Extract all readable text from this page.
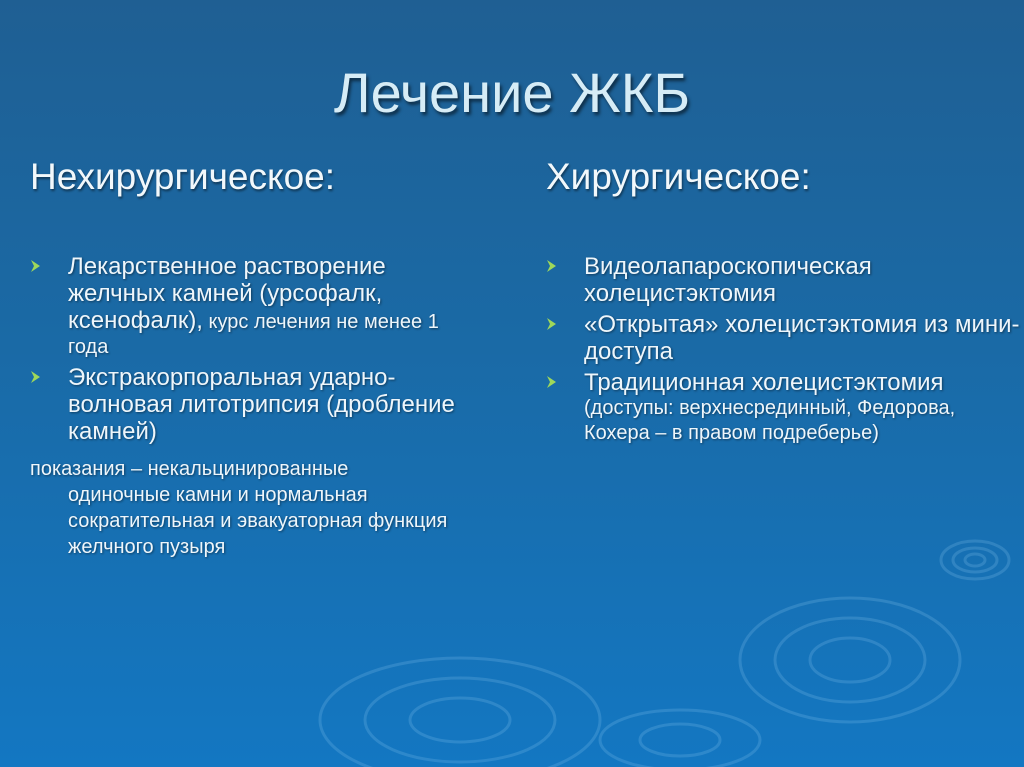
Лечение ЖКБ
Нехирургическое:	Хирургическое:
Лекарственное растворение желчных камней (урсофалк, ксенофалк), курс лечения не менее 1 года
Экстракорпоральная ударно-волновая литотрипсия (дробление камней)
показания – некальцинированные
одиночные камни и нормальная сократительная и эвакуаторная функция желчного пузыря
Видеолапароскопическая холецистэктомия
«Открытая» холецистэктомия из мини-доступа
Традиционная холецистэктомия
(доступы: верхнесрединный, Федорова, Кохера – в правом подреберье)
